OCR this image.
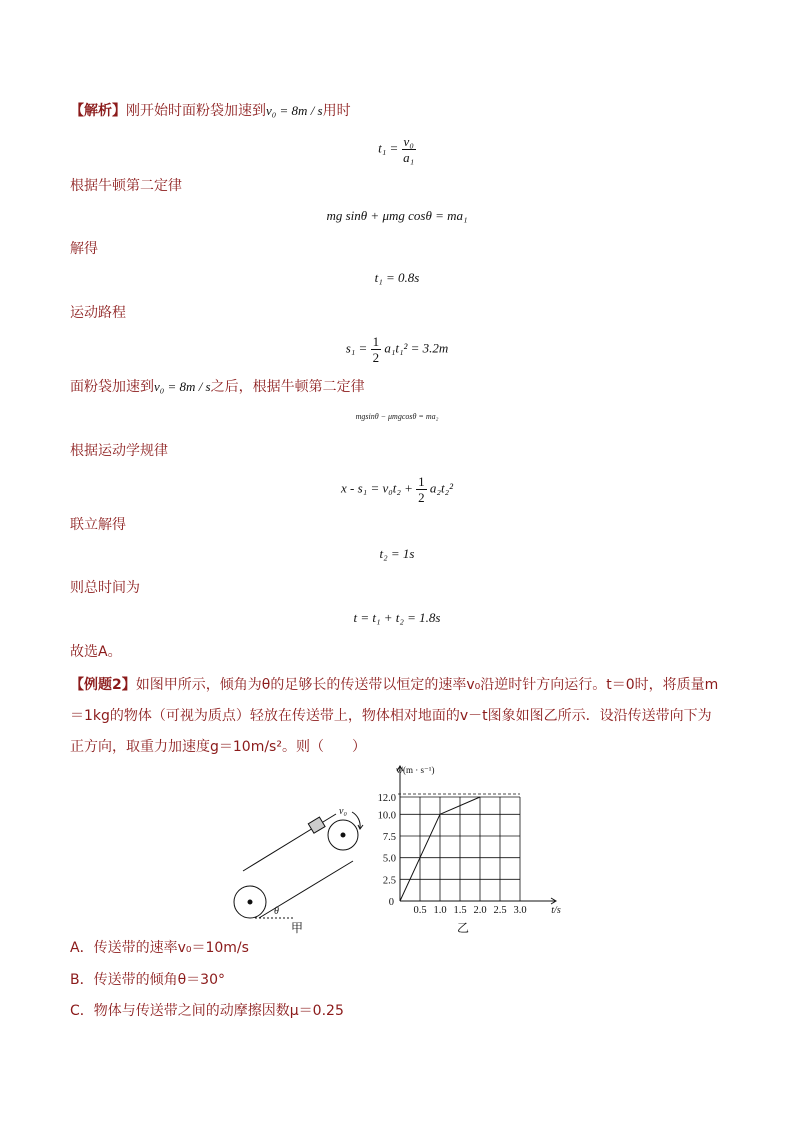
【解析】刚开始时面粉袋加速到v₀ = 8m / s用时
$t_1 = \frac{\text{v₀}}{\text{a₁}}$
根据牛顿第二定律
mg sinθ + μmg cosθ = ma₁
解得
t₁ = 0.8s
运动路程
$s_1 = \frac{1}{2} a_1t_1^2 = 3.2m$
面粉袋加速到v₀ = 8m / s之后，根据牛顿第二定律
mgsinθ − μmgcosθ = ma₂
根据运动学规律
$x - s_1 = v_0t_2 + \frac{1}{2} a_2t_2^2$
联立解得
t₂ = 1s
则总时间为
t = t₁ + t₂ = 1.8s
故选A。
【例题2】如图甲所示，倾角为θ的足够长的传送带以恒定的速率v₀沿逆时针方向运行。t＝0时，将质量m
＝1kg的物体（可视为质点）轻放在传送带上，物体相对地面的v－t图象如图乙所示．设沿传送带向下为
正方向，取重力加速度g＝10m/s²。则（　　）
v₀
θ
甲
0.5 1.0 1.5 2.0 2.5 3.0
2.5
5.0
7.5
10.0
12.0
0
t/s
v/(m · s⁻¹)
乙
A．传送带的速率v₀＝10m/s
B．传送带的倾角θ＝30°
C．物体与传送带之间的动摩擦因数μ＝0.25
